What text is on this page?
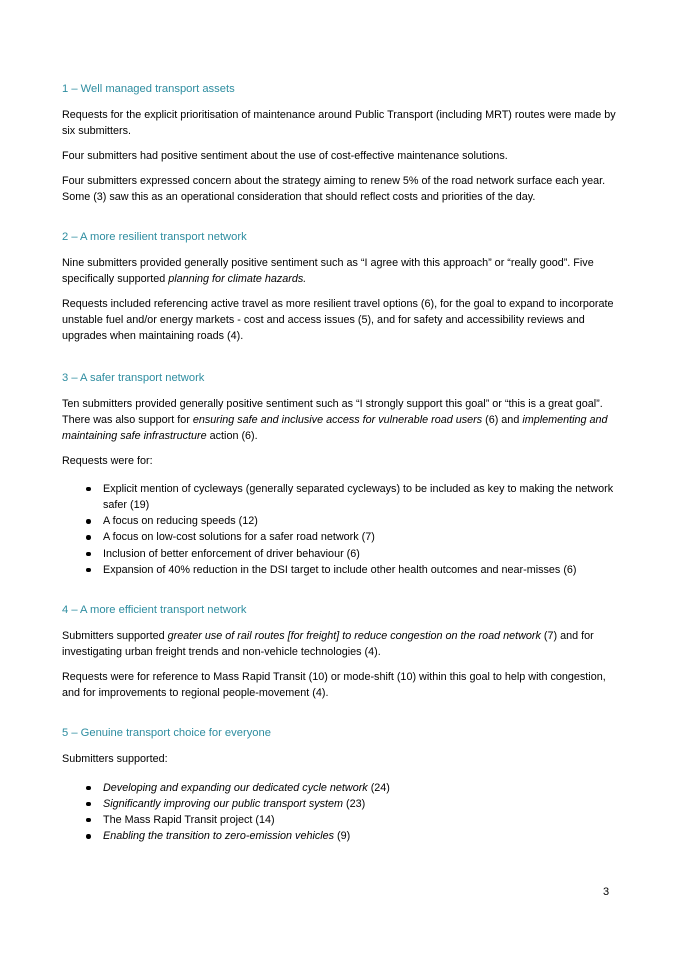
1 – Well managed transport assets

Requests for the explicit prioritisation of maintenance around Public Transport (including MRT) routes were made by six submitters.

Four submitters had positive sentiment about the use of cost-effective maintenance solutions.

Four submitters expressed concern about the strategy aiming to renew 5% of the road network surface each year. Some (3) saw this as an operational consideration that should reflect costs and priorities of the day.

2 – A more resilient transport network

Nine submitters provided generally positive sentiment such as “I agree with this approach” or “really good”. Five specifically supported planning for climate hazards.

Requests included referencing active travel as more resilient travel options (6), for the goal to expand to incorporate unstable fuel and/or energy markets - cost and access issues (5), and for safety and accessibility reviews and upgrades when maintaining roads (4).

3 – A safer transport network

Ten submitters provided generally positive sentiment such as “I strongly support this goal” or “this is a great goal”. There was also support for ensuring safe and inclusive access for vulnerable road users (6) and implementing and maintaining safe infrastructure action (6).

Requests were for:

Explicit mention of cycleways (generally separated cycleways) to be included as key to making the network safer (19)
A focus on reducing speeds (12)
A focus on low-cost solutions for a safer road network (7)
Inclusion of better enforcement of driver behaviour (6)
Expansion of 40% reduction in the DSI target to include other health outcomes and near-misses (6)
4 – A more efficient transport network

Submitters supported greater use of rail routes [for freight] to reduce congestion on the road network (7) and for investigating urban freight trends and non-vehicle technologies (4).

Requests were for reference to Mass Rapid Transit (10) or mode-shift (10) within this goal to help with congestion, and for improvements to regional people-movement (4).

5 – Genuine transport choice for everyone

Submitters supported:

Developing and expanding our dedicated cycle network (24)
Significantly improving our public transport system (23)
The Mass Rapid Transit project (14)
Enabling the transition to zero-emission vehicles (9)
3
